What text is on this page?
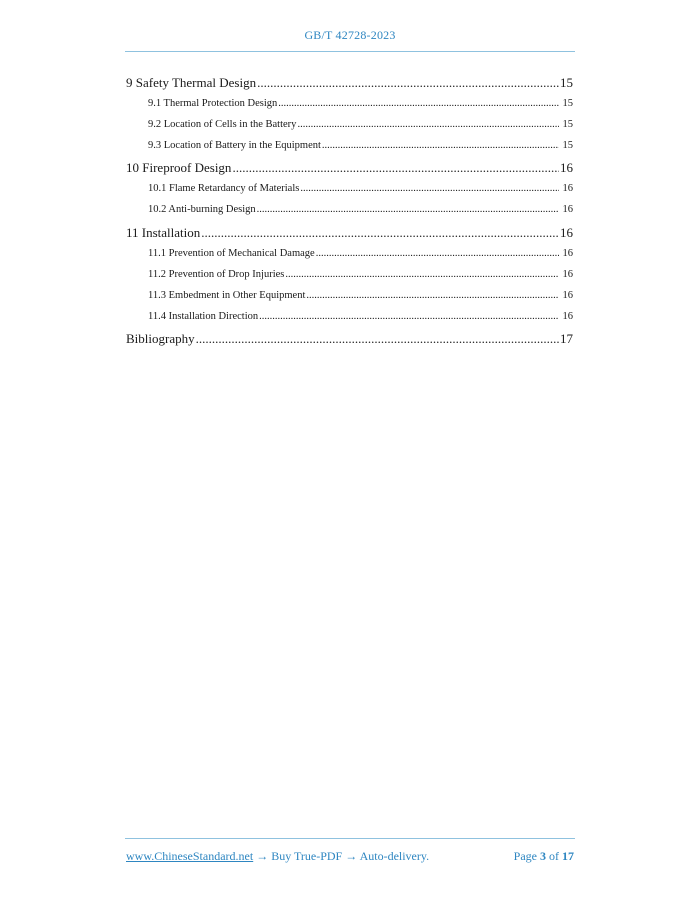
GB/T 42728-2023
9 Safety Thermal Design .....	15
9.1 Thermal Protection Design .....	15
9.2 Location of Cells in the Battery .....	15
9.3 Location of Battery in the Equipment .....	15
10 Fireproof Design .....	16
10.1 Flame Retardancy of Materials .....	16
10.2 Anti-burning Design .....	16
11 Installation .....	16
11.1 Prevention of Mechanical Damage .....	16
11.2 Prevention of Drop Injuries .....	16
11.3 Embedment in Other Equipment .....	16
11.4 Installation Direction .....	16
Bibliography .....	17
www.ChineseStandard.net → Buy True-PDF → Auto-delivery.	Page 3 of 17
